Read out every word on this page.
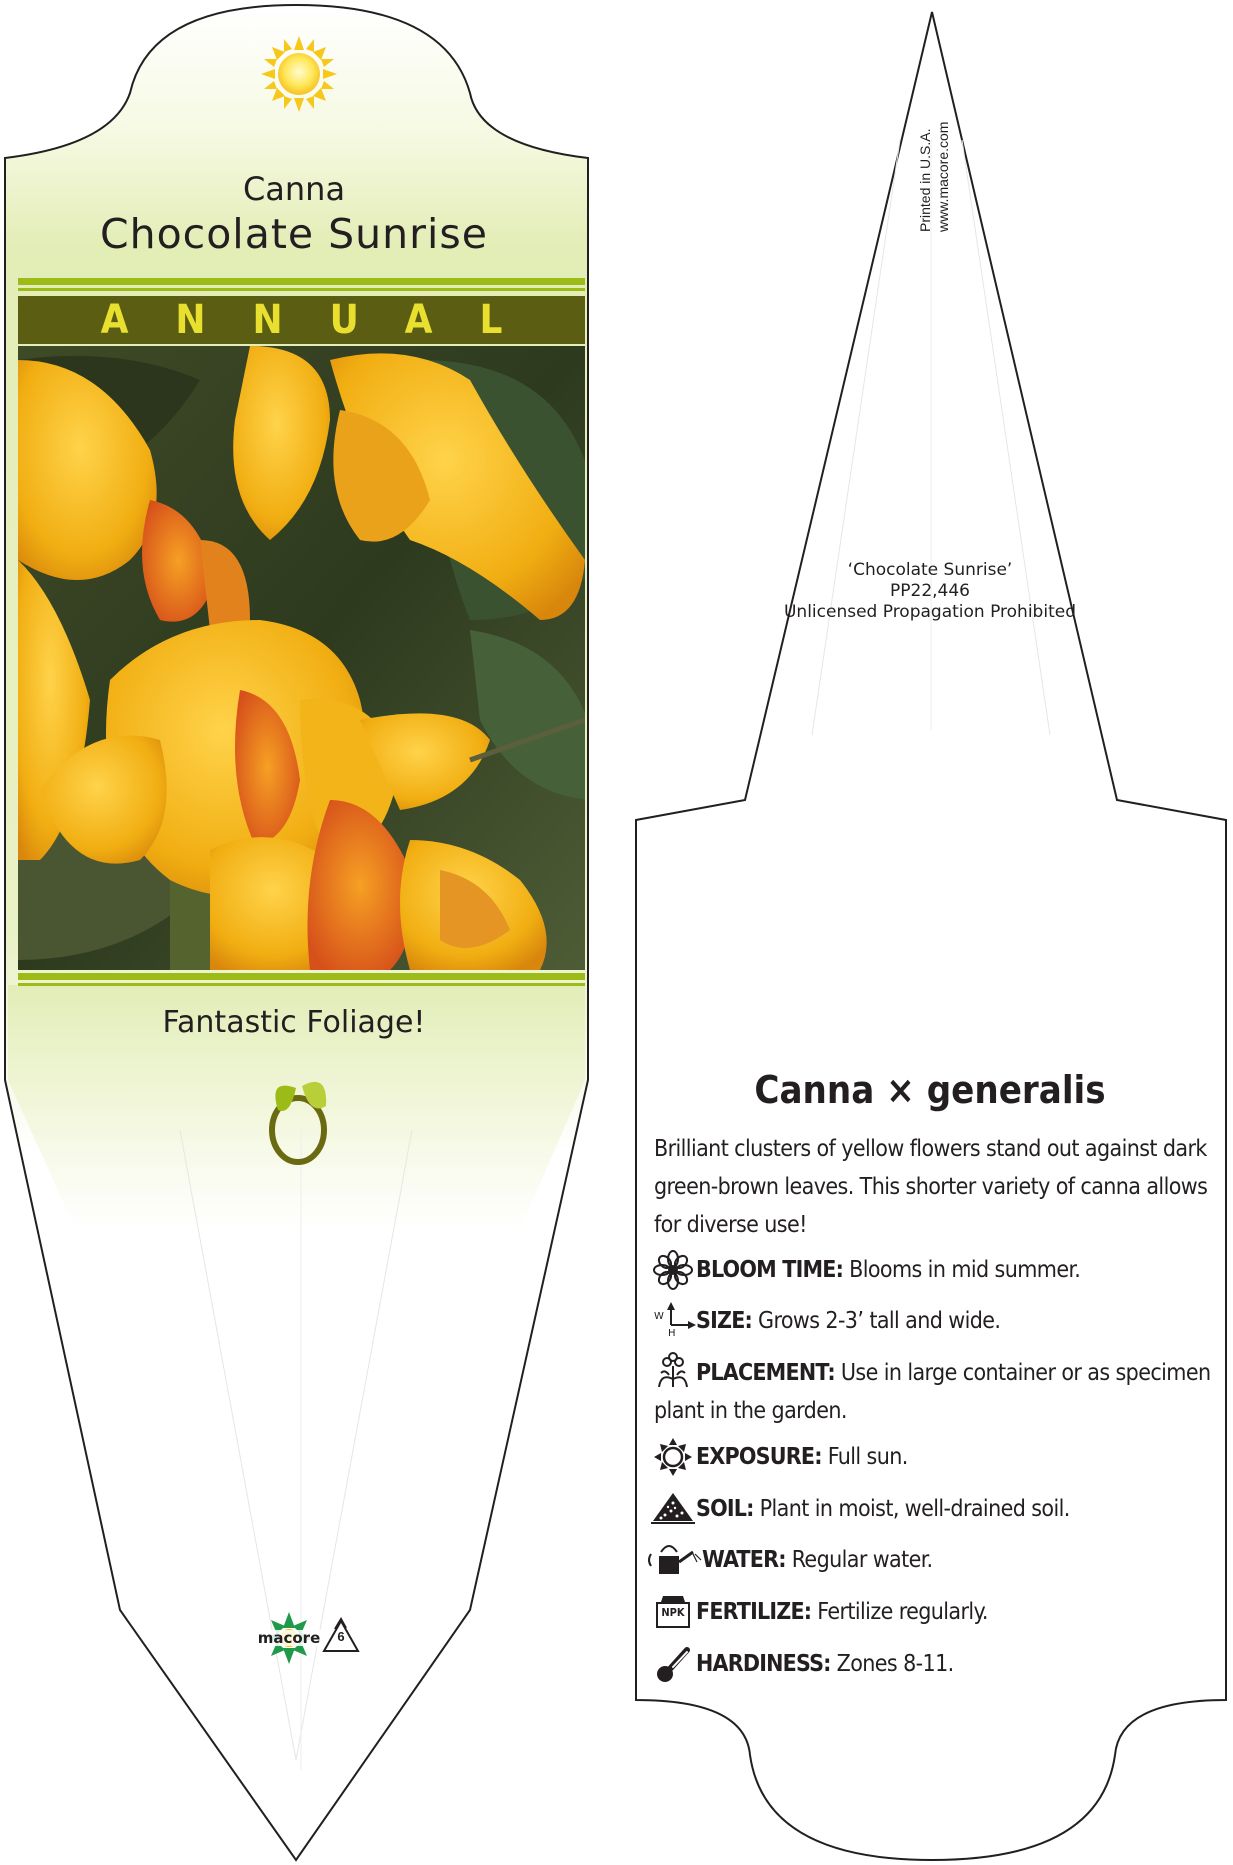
Canna
Chocolate Sunrise
ANNUAL
Fantastic Foliage!
macore	6
Printed in U.S.A. www.macore.com
‘Chocolate Sunrise’
PP22,446
Unlicensed Propagation Prohibited
Canna × generalis
Brilliant clusters of yellow flowers stand out against dark green-brown leaves. This shorter variety of canna allows for diverse use!
BLOOM TIME: Blooms in mid summer.
SIZE: Grows 2-3’ tall and wide.
W
H
PLACEMENT: Use in large container or as specimen plant in the garden.
EXPOSURE: Full sun.
SOIL: Plant in moist, well-drained soil.
WATER: Regular water.
FERTILIZE: Fertilize regularly.
NPK
HARDINESS: Zones 8-11.
